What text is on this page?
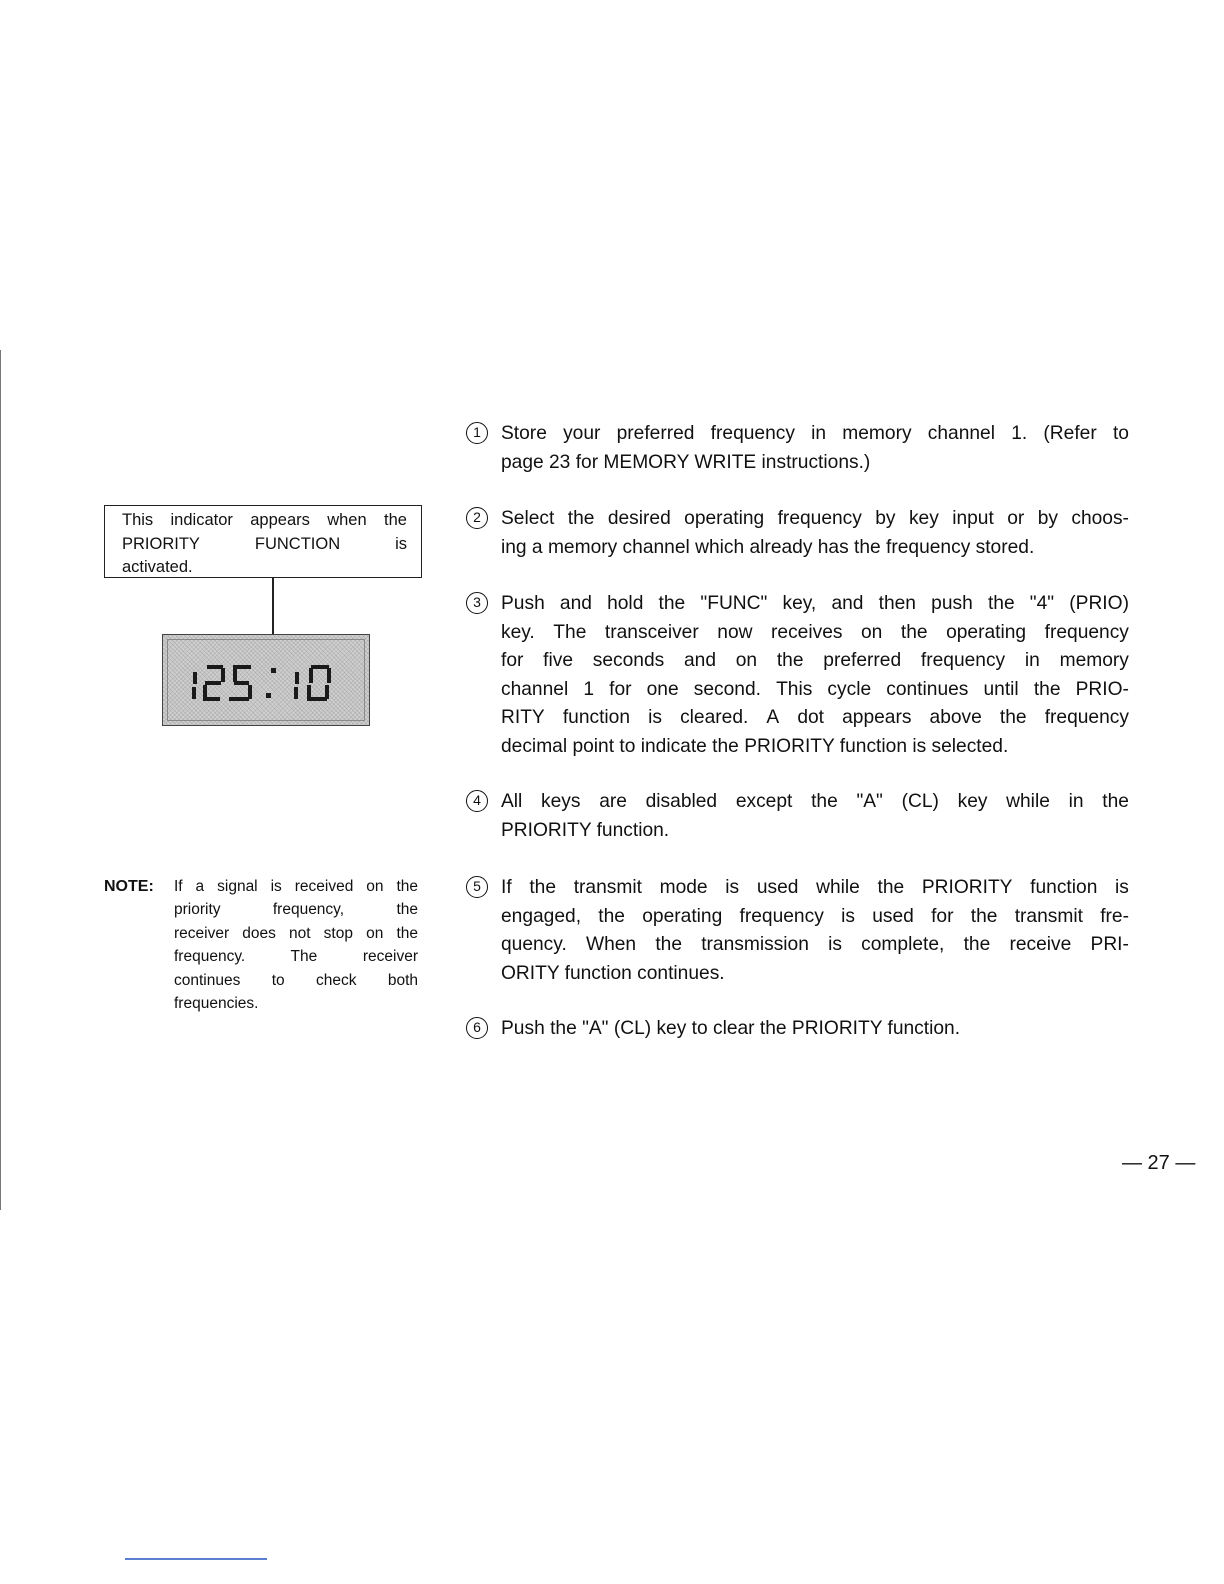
This indicator appears when the
PRIORITY	FUNCTION	is
activated.
NOTE: If a signal is received on the
priority frequency, the
receiver does not stop on the
frequency. The receiver
continues to check both
frequencies.
1	Store your preferred frequency in memory channel 1. (Refer to
page 23 for MEMORY WRITE instructions.)
2	Select the desired operating frequency by key input or by choos-
ing a memory channel which already has the frequency stored.
3	Push and hold the "FUNC" key, and then push the "4" (PRIO)
key. The transceiver now receives on the operating frequency
for five seconds and on the preferred frequency in memory
channel 1 for one second. This cycle continues until the PRIO-
RITY function is cleared. A dot appears above the frequency
decimal point to indicate the PRIORITY function is selected.
4	All keys are disabled except the "A" (CL) key while in the
PRIORITY function.
5	If the transmit mode is used while the PRIORITY function is
engaged, the operating frequency is used for the transmit fre-
quency. When the transmission is complete, the receive PRI-
ORITY function continues.
6	Push the "A" (CL) key to clear the PRIORITY function.
— 27 —
